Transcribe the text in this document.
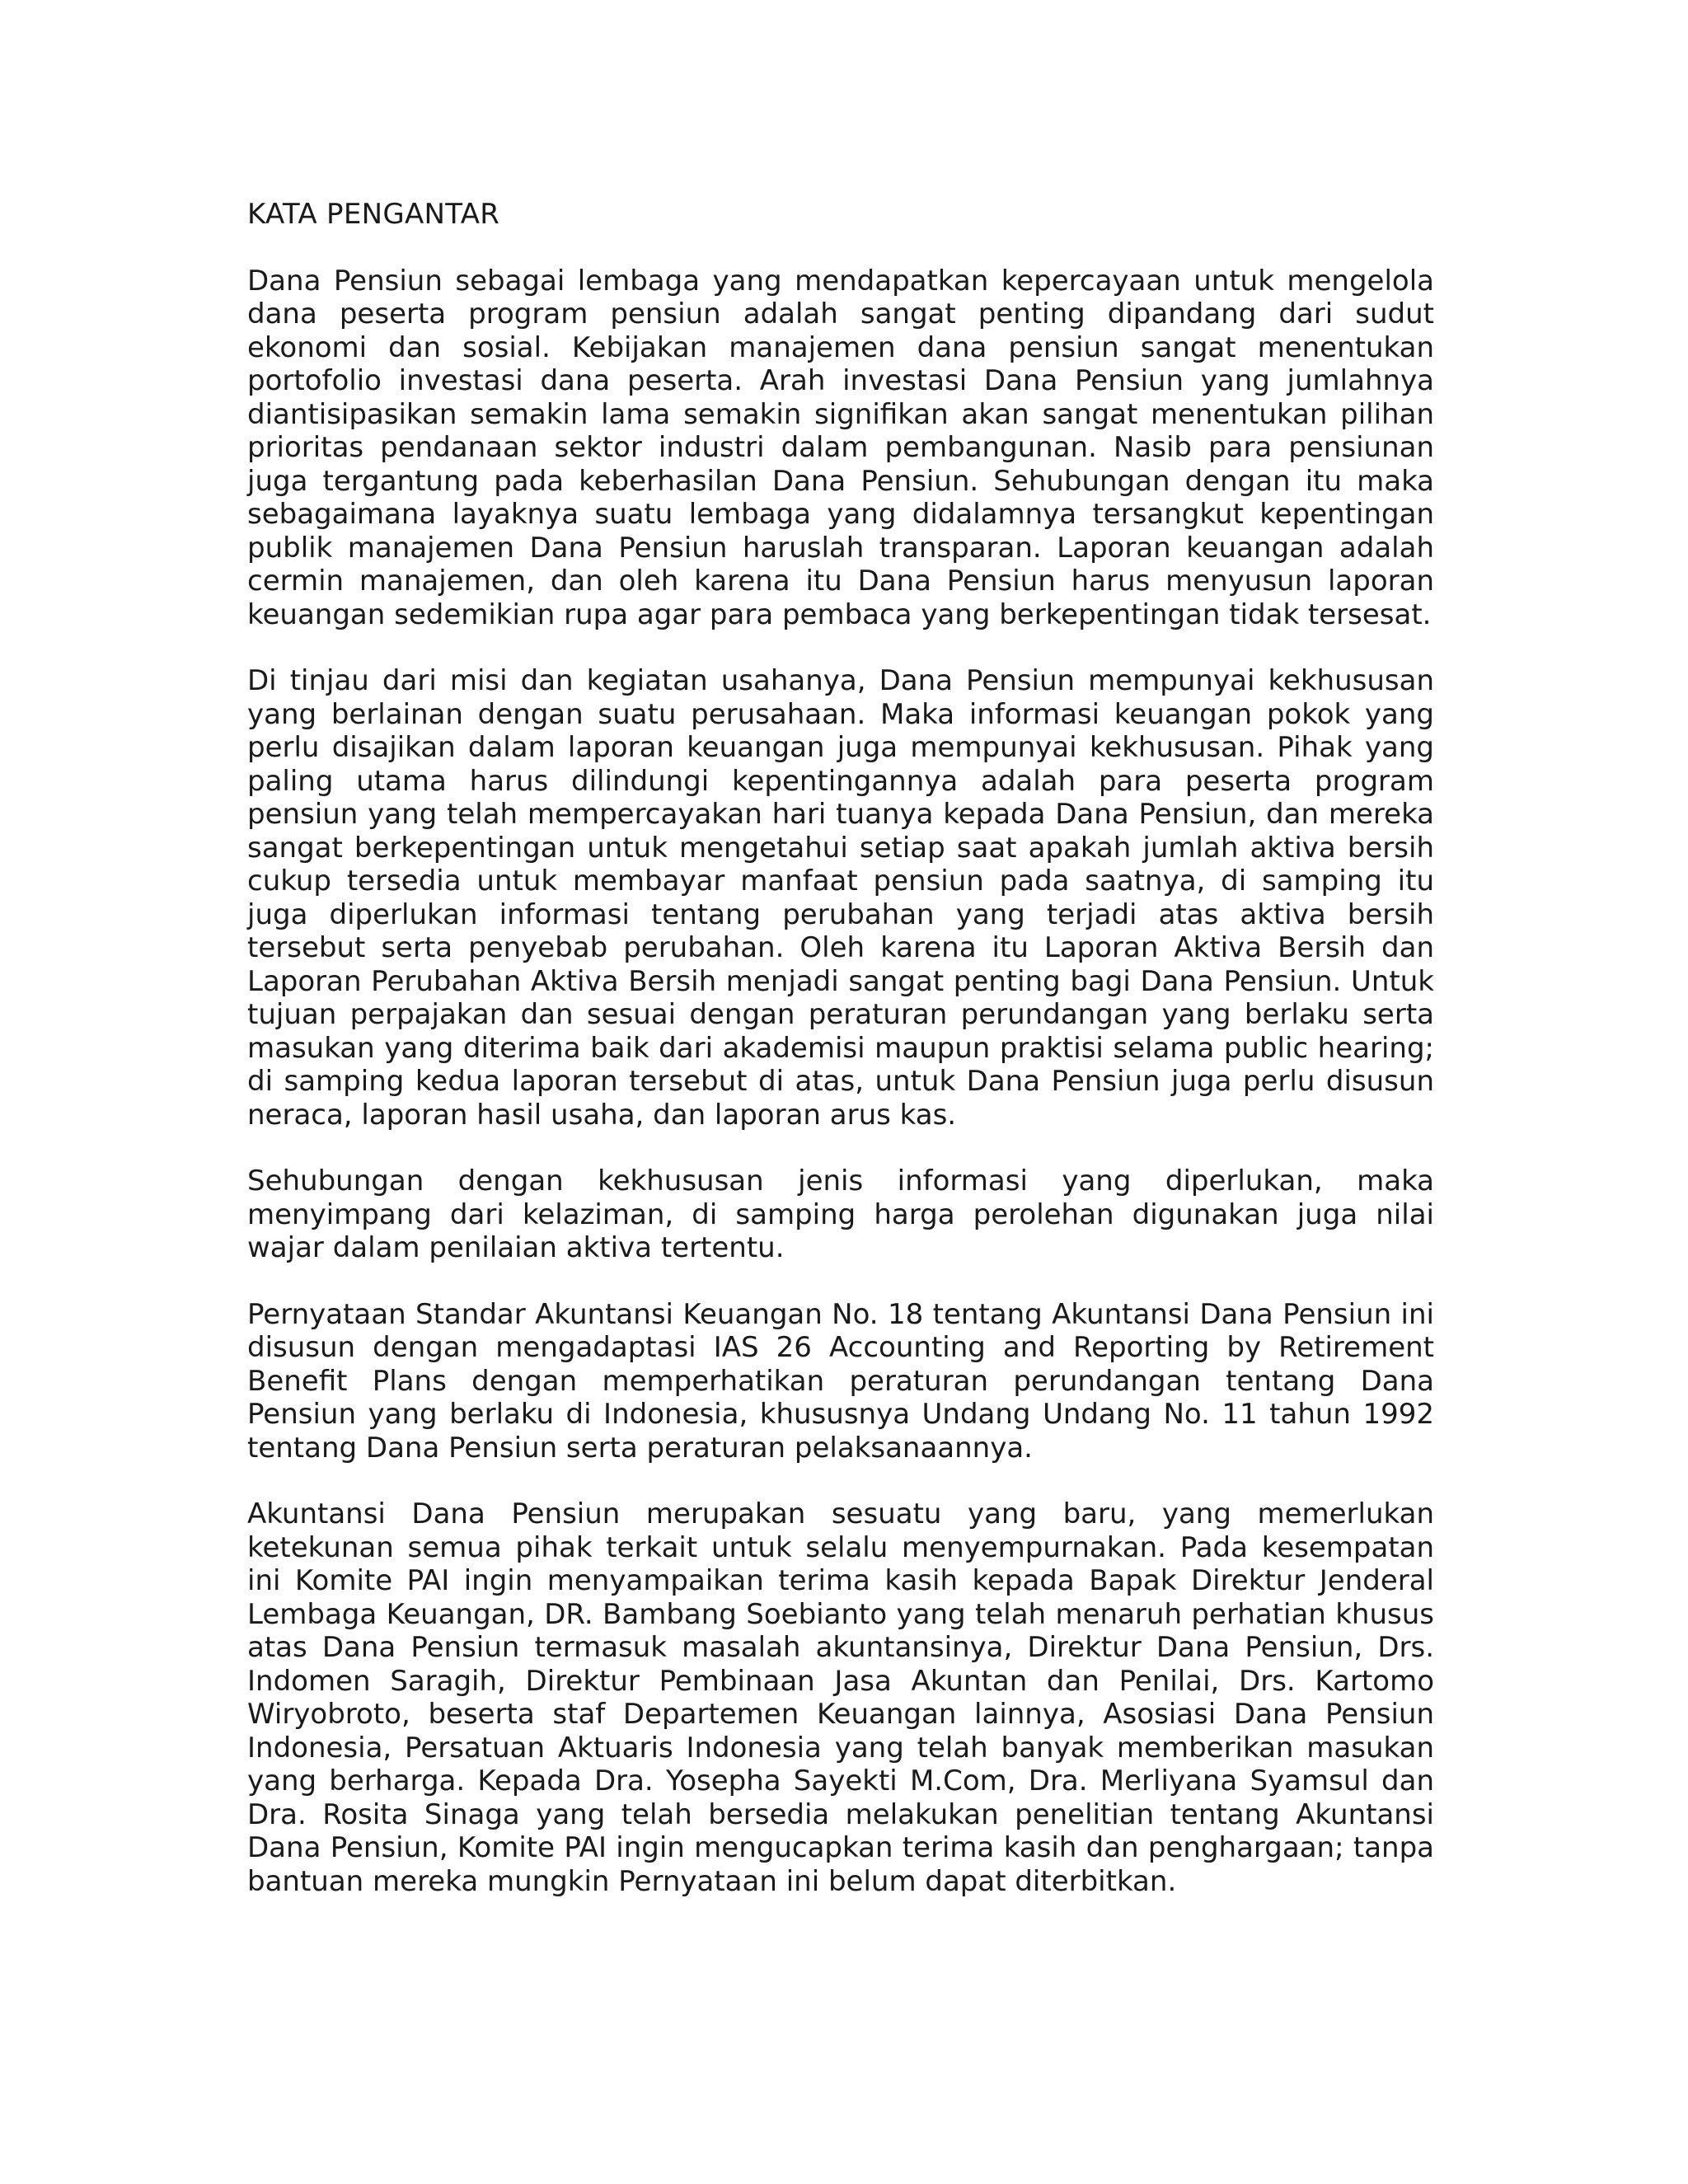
KATA PENGANTAR

Dana Pensiun sebagai lembaga yang mendapatkan kepercayaan untuk mengelola dana peserta program pensiun adalah sangat penting dipandang dari sudut ekonomi dan sosial. Kebijakan manajemen dana pensiun sangat menentukan portofolio investasi dana peserta. Arah investasi Dana Pensiun yang jumlahnya diantisipasikan semakin lama semakin signifikan akan sangat menentukan pilihan prioritas pendanaan sektor industri dalam pembangunan. Nasib para pensiunan juga tergantung pada keberhasilan Dana Pensiun. Sehubungan dengan itu maka sebagaimana layaknya suatu lembaga yang didalamnya tersangkut kepentingan publik manajemen Dana Pensiun haruslah transparan. Laporan keuangan adalah cermin manajemen, dan oleh karena itu Dana Pensiun harus menyusun laporan keuangan sedemikian rupa agar para pembaca yang berkepentingan tidak tersesat.

Di tinjau dari misi dan kegiatan usahanya, Dana Pensiun mempunyai kekhususan yang berlainan dengan suatu perusahaan. Maka informasi keuangan pokok yang perlu disajikan dalam laporan keuangan juga mempunyai kekhususan. Pihak yang paling utama harus dilindungi kepentingannya adalah para peserta program pensiun yang telah mempercayakan hari tuanya kepada Dana Pensiun, dan mereka sangat berkepentingan untuk mengetahui setiap saat apakah jumlah aktiva bersih cukup tersedia untuk membayar manfaat pensiun pada saatnya, di samping itu juga diperlukan informasi tentang perubahan yang terjadi atas aktiva bersih tersebut serta penyebab perubahan. Oleh karena itu Laporan Aktiva Bersih dan Laporan Perubahan Aktiva Bersih menjadi sangat penting bagi Dana Pensiun. Untuk tujuan perpajakan dan sesuai dengan peraturan perundangan yang berlaku serta masukan yang diterima baik dari akademisi maupun praktisi selama public hearing; di samping kedua laporan tersebut di atas, untuk Dana Pensiun juga perlu disusun neraca, laporan hasil usaha, dan laporan arus kas.

Sehubungan dengan kekhususan jenis informasi yang diperlukan, maka menyimpang dari kelaziman, di samping harga perolehan digunakan juga nilai wajar dalam penilaian aktiva tertentu.

Pernyataan Standar Akuntansi Keuangan No. 18 tentang Akuntansi Dana Pensiun ini disusun dengan mengadaptasi IAS 26 Accounting and Reporting by Retirement Benefit Plans dengan memperhatikan peraturan perundangan tentang Dana Pensiun yang berlaku di Indonesia, khususnya Undang Undang No. 11 tahun 1992 tentang Dana Pensiun serta peraturan pelaksanaannya.

Akuntansi Dana Pensiun merupakan sesuatu yang baru, yang memerlukan ketekunan semua pihak terkait untuk selalu menyempurnakan. Pada kesempatan ini Komite PAI ingin menyampaikan terima kasih kepada Bapak Direktur Jenderal Lembaga Keuangan, DR. Bambang Soebianto yang telah menaruh perhatian khusus atas Dana Pensiun termasuk masalah akuntansinya, Direktur Dana Pensiun, Drs. Indomen Saragih, Direktur Pembinaan Jasa Akuntan dan Penilai, Drs. Kartomo Wiryobroto, beserta staf Departemen Keuangan lainnya, Asosiasi Dana Pensiun Indonesia, Persatuan Aktuaris Indonesia yang telah banyak memberikan masukan yang berharga. Kepada Dra. Yosepha Sayekti M.Com, Dra. Merliyana Syamsul dan Dra. Rosita Sinaga yang telah bersedia melakukan penelitian tentang Akuntansi Dana Pensiun, Komite PAI ingin mengucapkan terima kasih dan penghargaan; tanpa bantuan mereka mungkin Pernyataan ini belum dapat diterbitkan.
